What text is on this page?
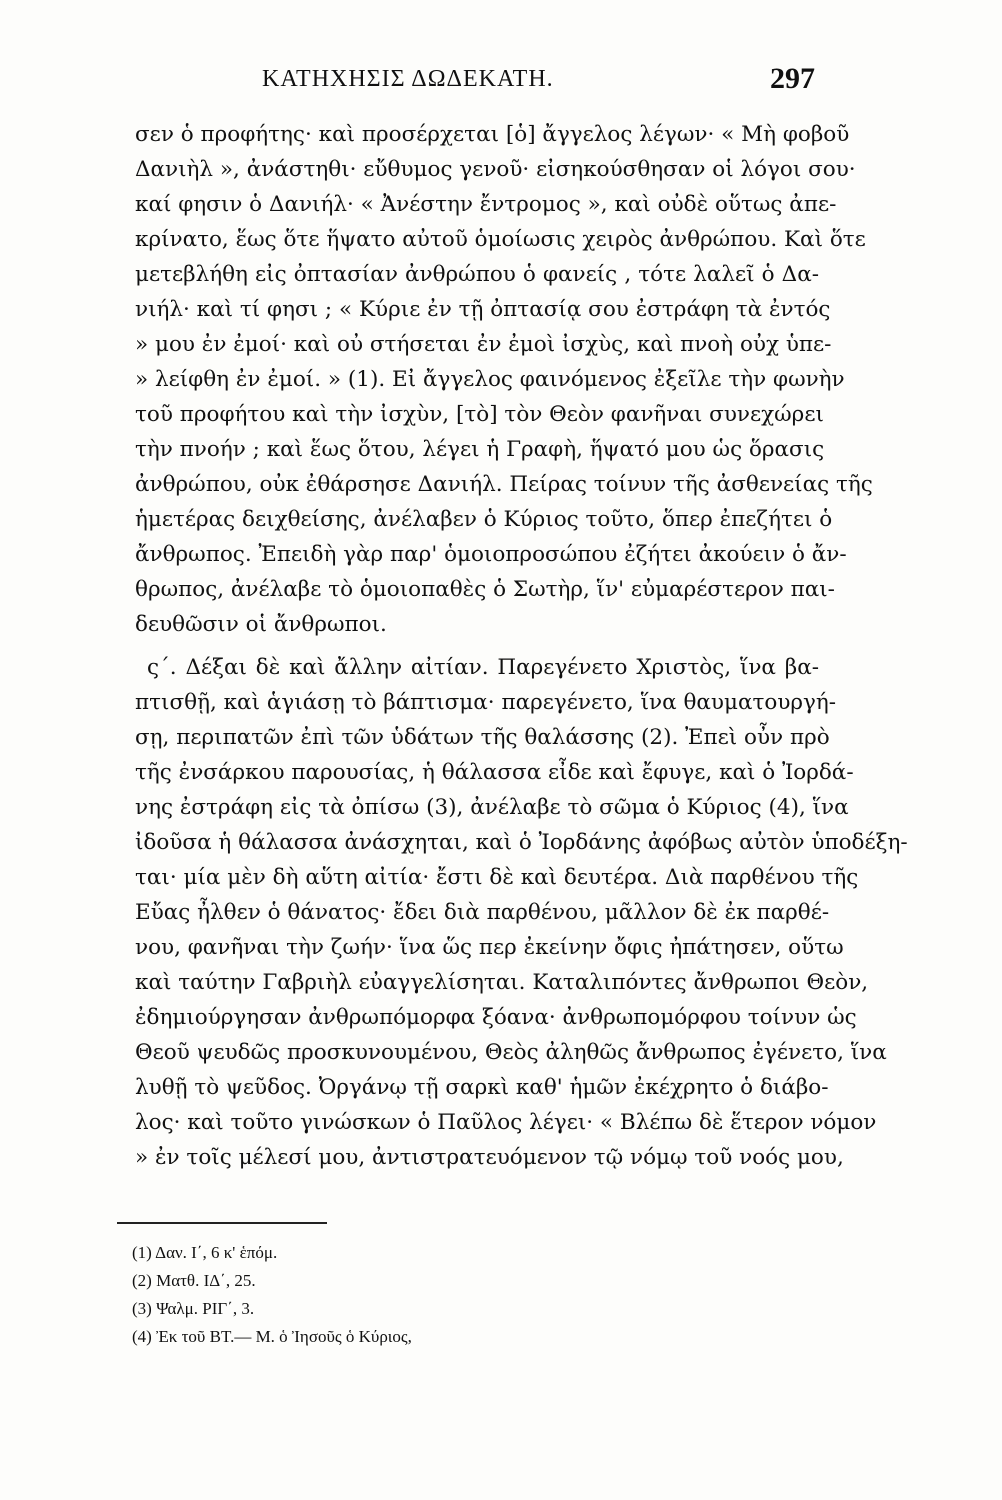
ΚΑΤΗΧΗΣΙΣ ΔΩΔΕΚΑΤΗ.	297
σεν ὁ προφήτης· καὶ προσέρχεται [ὁ] ἄγγελος λέγων· « Μὴ φοβοῦ
Δανιὴλ », ἀνάστηθι· εὔθυμος γενοῦ· εἰσηκούσθησαν οἱ λόγοι σου·
καί φησιν ὁ Δανιήλ· « Ἀνέστην ἔντρομος », καὶ οὐδὲ οὕτως ἀπε-
κρίνατο, ἕως ὅτε ἥψατο αὐτοῦ ὁμοίωσις χειρὸς ἀνθρώπου. Καὶ ὅτε
μετεβλήθη εἰς ὀπτασίαν ἀνθρώπου ὁ φανείς , τότε λαλεῖ ὁ Δα-
νιήλ· καὶ τί φησι ; « Κύριε ἐν τῇ ὀπτασίᾳ σου ἐστράφη τὰ ἐντός
» μου ἐν ἐμοί· καὶ οὐ στήσεται ἐν ἐμοὶ ἰσχὺς, καὶ πνοὴ οὐχ ὑπε-
» λείφθη ἐν ἐμοί. » (1). Εἰ ἄγγελος φαινόμενος ἐξεῖλε τὴν φωνὴν
τοῦ προφήτου καὶ τὴν ἰσχὺν, [τὸ] τὸν Θεὸν φανῆναι συνεχώρει
τὴν πνοήν ; καὶ ἕως ὅτου, λέγει ἡ Γραφὴ, ἥψατό μου ὡς ὅρασις
ἀνθρώπου, οὐκ ἐθάρσησε Δανιήλ. Πείρας τοίνυν τῆς ἀσθενείας τῆς
ἡμετέρας δειχθείσης, ἀνέλαβεν ὁ Κύριος τοῦτο, ὅπερ ἐπεζήτει ὁ
ἄνθρωπος. Ἐπειδὴ γὰρ παρ' ὁμοιοπροσώπου ἐζήτει ἀκούειν ὁ ἄν-
θρωπος, ἀνέλαβε τὸ ὁμοιοπαθὲς ὁ Σωτὴρ, ἵν' εὐμαρέστερον παι-
δευθῶσιν οἱ ἄνθρωποι.
ς΄. Δέξαι δὲ καὶ ἄλλην αἰτίαν. Παρεγένετο Χριστὸς, ἵνα βα-
πτισθῇ, καὶ ἁγιάσῃ τὸ βάπτισμα· παρεγένετο, ἵνα θαυματουργή-
σῃ, περιπατῶν ἐπὶ τῶν ὑδάτων τῆς θαλάσσης (2). Ἐπεὶ οὖν πρὸ
τῆς ἐνσάρκου παρουσίας, ἡ θάλασσα εἶδε καὶ ἔφυγε, καὶ ὁ Ἰορδά-
νης ἐστράφη εἰς τὰ ὀπίσω (3), ἀνέλαβε τὸ σῶμα ὁ Κύριος (4), ἵνα
ἰδοῦσα ἡ θάλασσα ἀνάσχηται, καὶ ὁ Ἰορδάνης ἀφόβως αὐτὸν ὑποδέξη-
ται· μία μὲν δὴ αὕτη αἰτία· ἔστι δὲ καὶ δευτέρα. Διὰ παρθένου τῆς
Εὔας ἦλθεν ὁ θάνατος· ἔδει διὰ παρθένου, μᾶλλον δὲ ἐκ παρθέ-
νου, φανῆναι τὴν ζωήν· ἵνα ὥς περ ἐκείνην ὄφις ἠπάτησεν, οὕτω
καὶ ταύτην Γαβριὴλ εὐαγγελίσηται. Καταλιπόντες ἄνθρωποι Θεὸν,
ἐδημιούργησαν ἀνθρωπόμορφα ξόανα· ἀνθρωπομόρφου τοίνυν ὡς
Θεοῦ ψευδῶς προσκυνουμένου, Θεὸς ἀληθῶς ἄνθρωπος ἐγένετο, ἵνα
λυθῇ τὸ ψεῦδος. Ὀργάνῳ τῇ σαρκὶ καθ' ἡμῶν ἐκέχρητο ὁ διάβο-
λος· καὶ τοῦτο γινώσκων ὁ Παῦλος λέγει· « Βλέπω δὲ ἕτερον νόμον
» ἐν τοῖς μέλεσί μου, ἀντιστρατευόμενον τῷ νόμῳ τοῦ νοός μου,
(1) Δαν. Ι΄, 6 κ' ἑπόμ.
(2) Ματθ. ΙΔ΄, 25.
(3) Ψαλμ. ΡΙΓ΄, 3.
(4) Ἐκ τοῦ ΒΤ.— Μ. ὁ Ἰησοῦς ὁ Κύριος,
